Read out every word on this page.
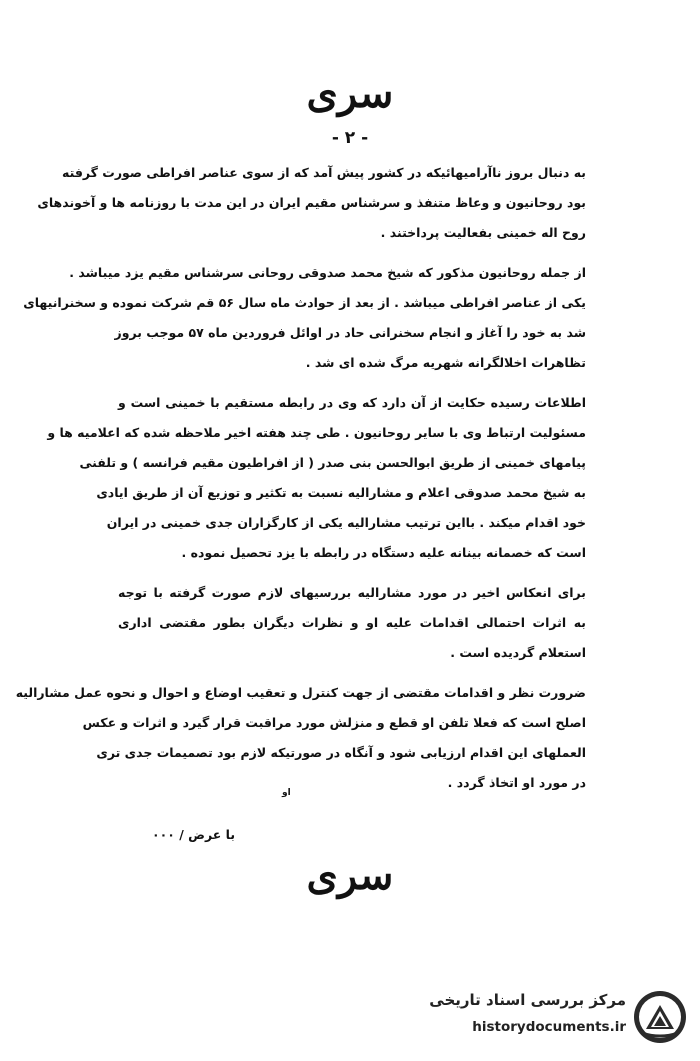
سری
- ۲ -
به دنبال بروز ناآرامیهائیکه در کشور پیش آمد که از سوی عناصر افراطی صورت گرفته
بود روحانیون و وعاظ متنفذ و سرشناس مقیم ایران در این مدت با روزنامه ها و آخوندهای
روح اله خمینی بفعالیت پرداختند .
از جمله روحانیون مذکور که شیخ محمد صدوقی روحانی سرشناس مقیم یزد میباشد .
یکی از عناصر افراطی میباشد . از بعد از حوادث ماه سال ۵۶ قم شرکت نموده و سخنرانیهای
شد به خود را آغاز و انجام سخنرانی حاد در اوائل فروردین ماه ۵۷ موجب بروز
تظاهرات اخلالگرانه شهریه مرگ شده ای شد .
اطلاعات رسیده حکایت از آن دارد که وی در رابطه مستقیم با خمینی است و
مسئولیت ارتباط وی با سایر روحانیون . طی چند هفته اخیر ملاحظه شده که اعلامیه ها و
پیامهای خمینی از طریق ابوالحسن بنی صدر ( از افراطیون مقیم فرانسه ) و تلفنی
به شیخ محمد صدوقی اعلام و مشارالیه نسبت به تکثیر و توزیع آن از طریق ایادی
خود اقدام میکند . بااین ترتیب مشارالیه یکی از کارگزاران جدی خمینی در ایران
است که خصمانه بینانه علیه دستگاه در رابطه با یزد تحصیل نموده .
برای انعکاس اخیر در مورد مشارالیه بررسیهای لازم صورت گرفته با توجه
به اثرات احتمالی اقدامات علیه او و نظرات دیگران بطور مقتضی اداری
استعلام گردیده است .
ضرورت نظر و اقدامات مقتضی از جهت کنترل و تعقیب اوضاع و احوال و نحوه عمل مشارالیه
اصلح است که فعلا تلفن او قطع و منزلش مورد مراقبت قرار گیرد و اثرات و عکس
العملهای این اقدام ارزیابی شود و آنگاه در صورتیکه لازم بود تصمیمات جدی تری
در مورد او اتخاذ گردد .
او
با عرض / ۰۰۰
سری
مرکز بررسی اسناد تاریخی
historydocuments.ir
